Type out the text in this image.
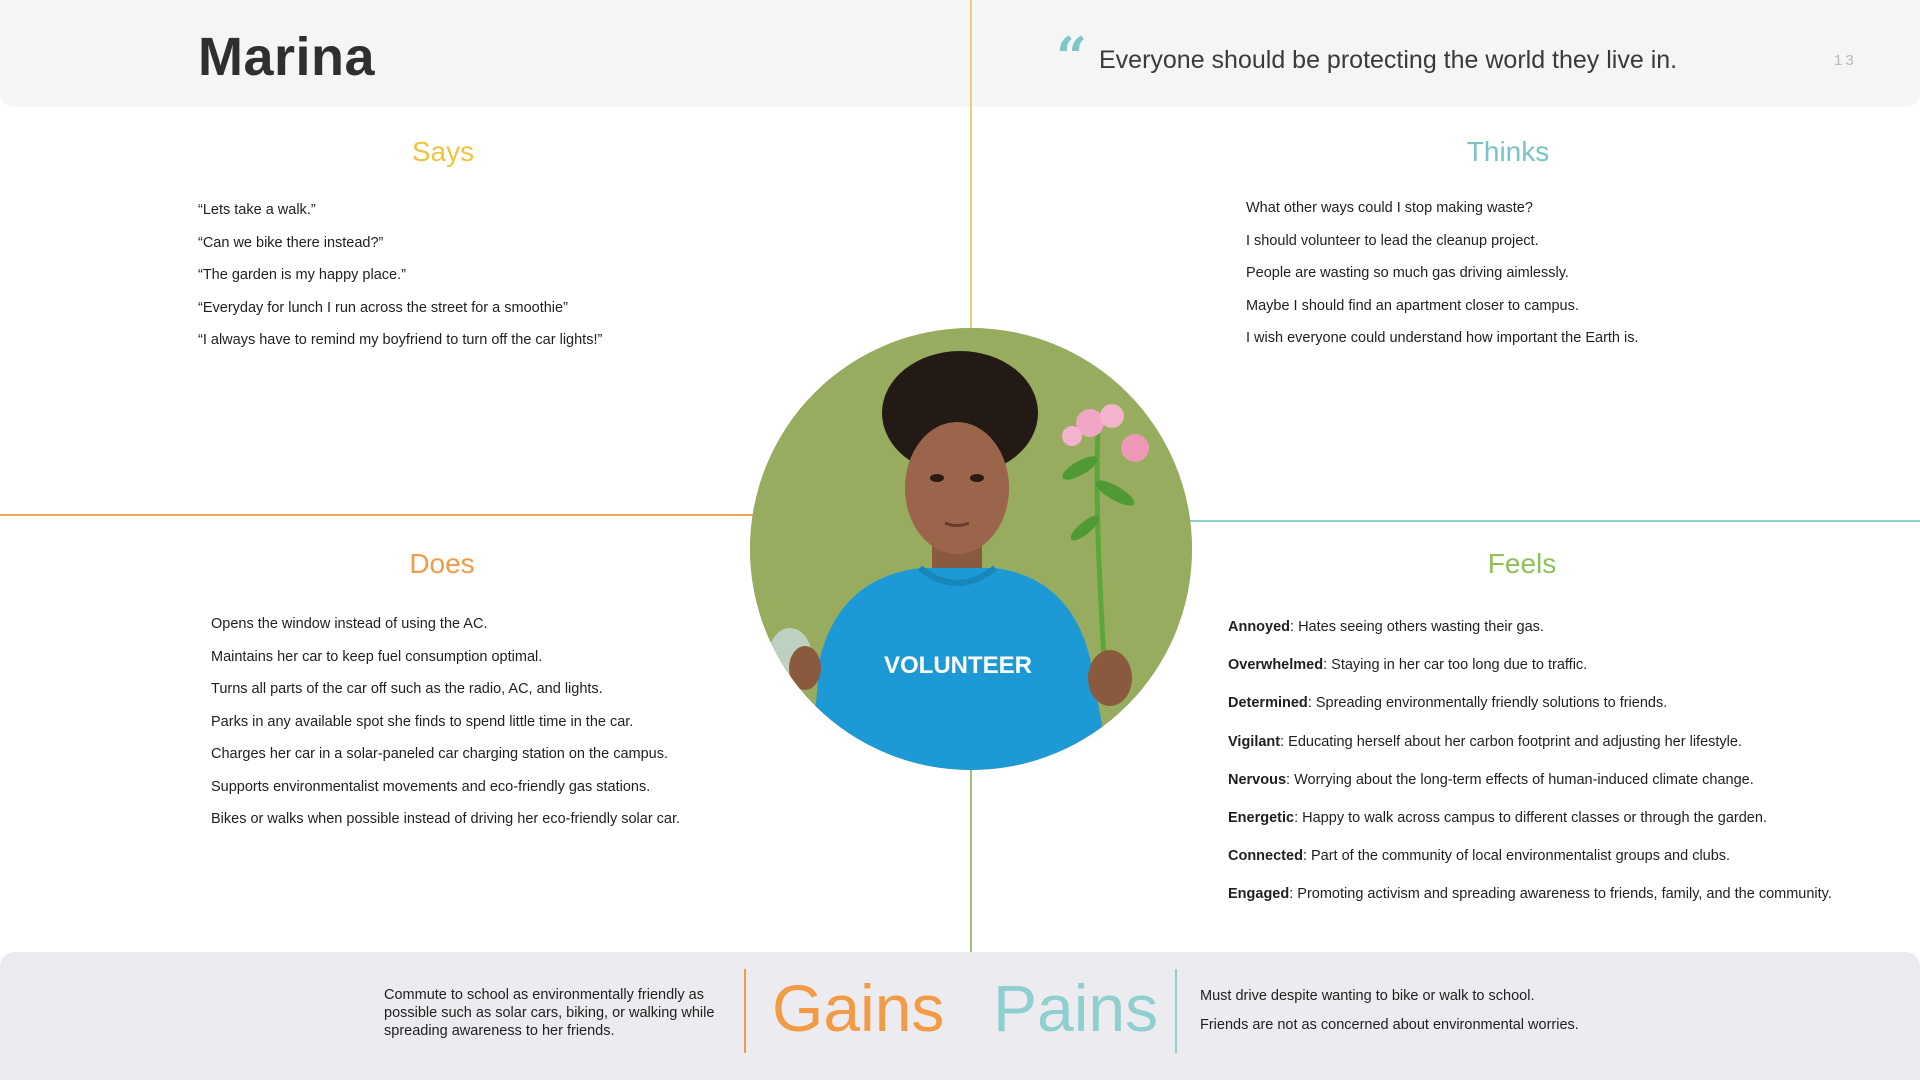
Marina	“ Everyone should be protecting the world they live in.	13
Says
“Lets take a walk.”
“Can we bike there instead?”
“The garden is my happy place.”
“Everyday for lunch I run across the street for a smoothie”
“I always have to remind my boyfriend to turn off the car lights!”
Thinks
What other ways could I stop making waste?
I should volunteer to lead the cleanup project.
People are wasting so much gas driving aimlessly.
Maybe I should find an apartment closer to campus.
I wish everyone could understand how important the Earth is.
Does
Opens the window instead of using the AC.
Maintains her car to keep fuel consumption optimal.
Turns all parts of the car off such as the radio, AC, and lights.
Parks in any available spot she finds to spend little time in the car.
Charges her car in a solar-paneled car charging station on the campus.
Supports environmentalist movements and eco-friendly gas stations.
Bikes or walks when possible instead of driving her eco-friendly solar car.
Feels
Annoyed: Hates seeing others wasting their gas.
Overwhelmed: Staying in her car too long due to traffic.
Determined: Spreading environmentally friendly solutions to friends.
Vigilant: Educating herself about her carbon footprint and adjusting her lifestyle.
Nervous: Worrying about the long-term effects of human-induced climate change.
Energetic: Happy to walk across campus to different classes or through the garden.
Connected: Part of the community of local environmentalist groups and clubs.
Engaged: Promoting activism and spreading awareness to friends, family, and the community.
VOLUNTEER
Commute to school as environmentally friendly as possible such as solar cars, biking, or walking while spreading awareness to her friends.	Gains Pains	Must drive despite wanting to bike or walk to school.
Friends are not as concerned about environmental worries.
